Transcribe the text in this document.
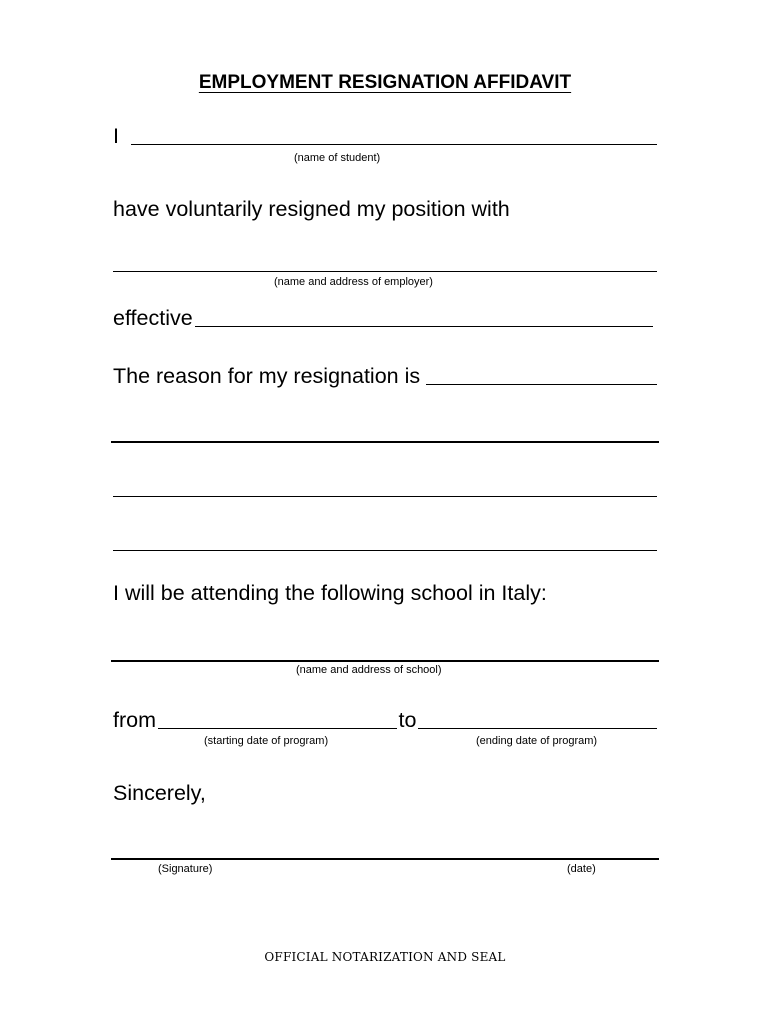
EMPLOYMENT RESIGNATION AFFIDAVIT
I
(name of student)
have voluntarily resigned my position with
(name and address of employer)
effective
The reason for my resignation is
I will be attending the following school in Italy:
(name and address of school)
from	to
(starting date of program)	(ending date of program)
Sincerely,
(Signature)	(date)
OFFICIAL NOTARIZATION AND SEAL
